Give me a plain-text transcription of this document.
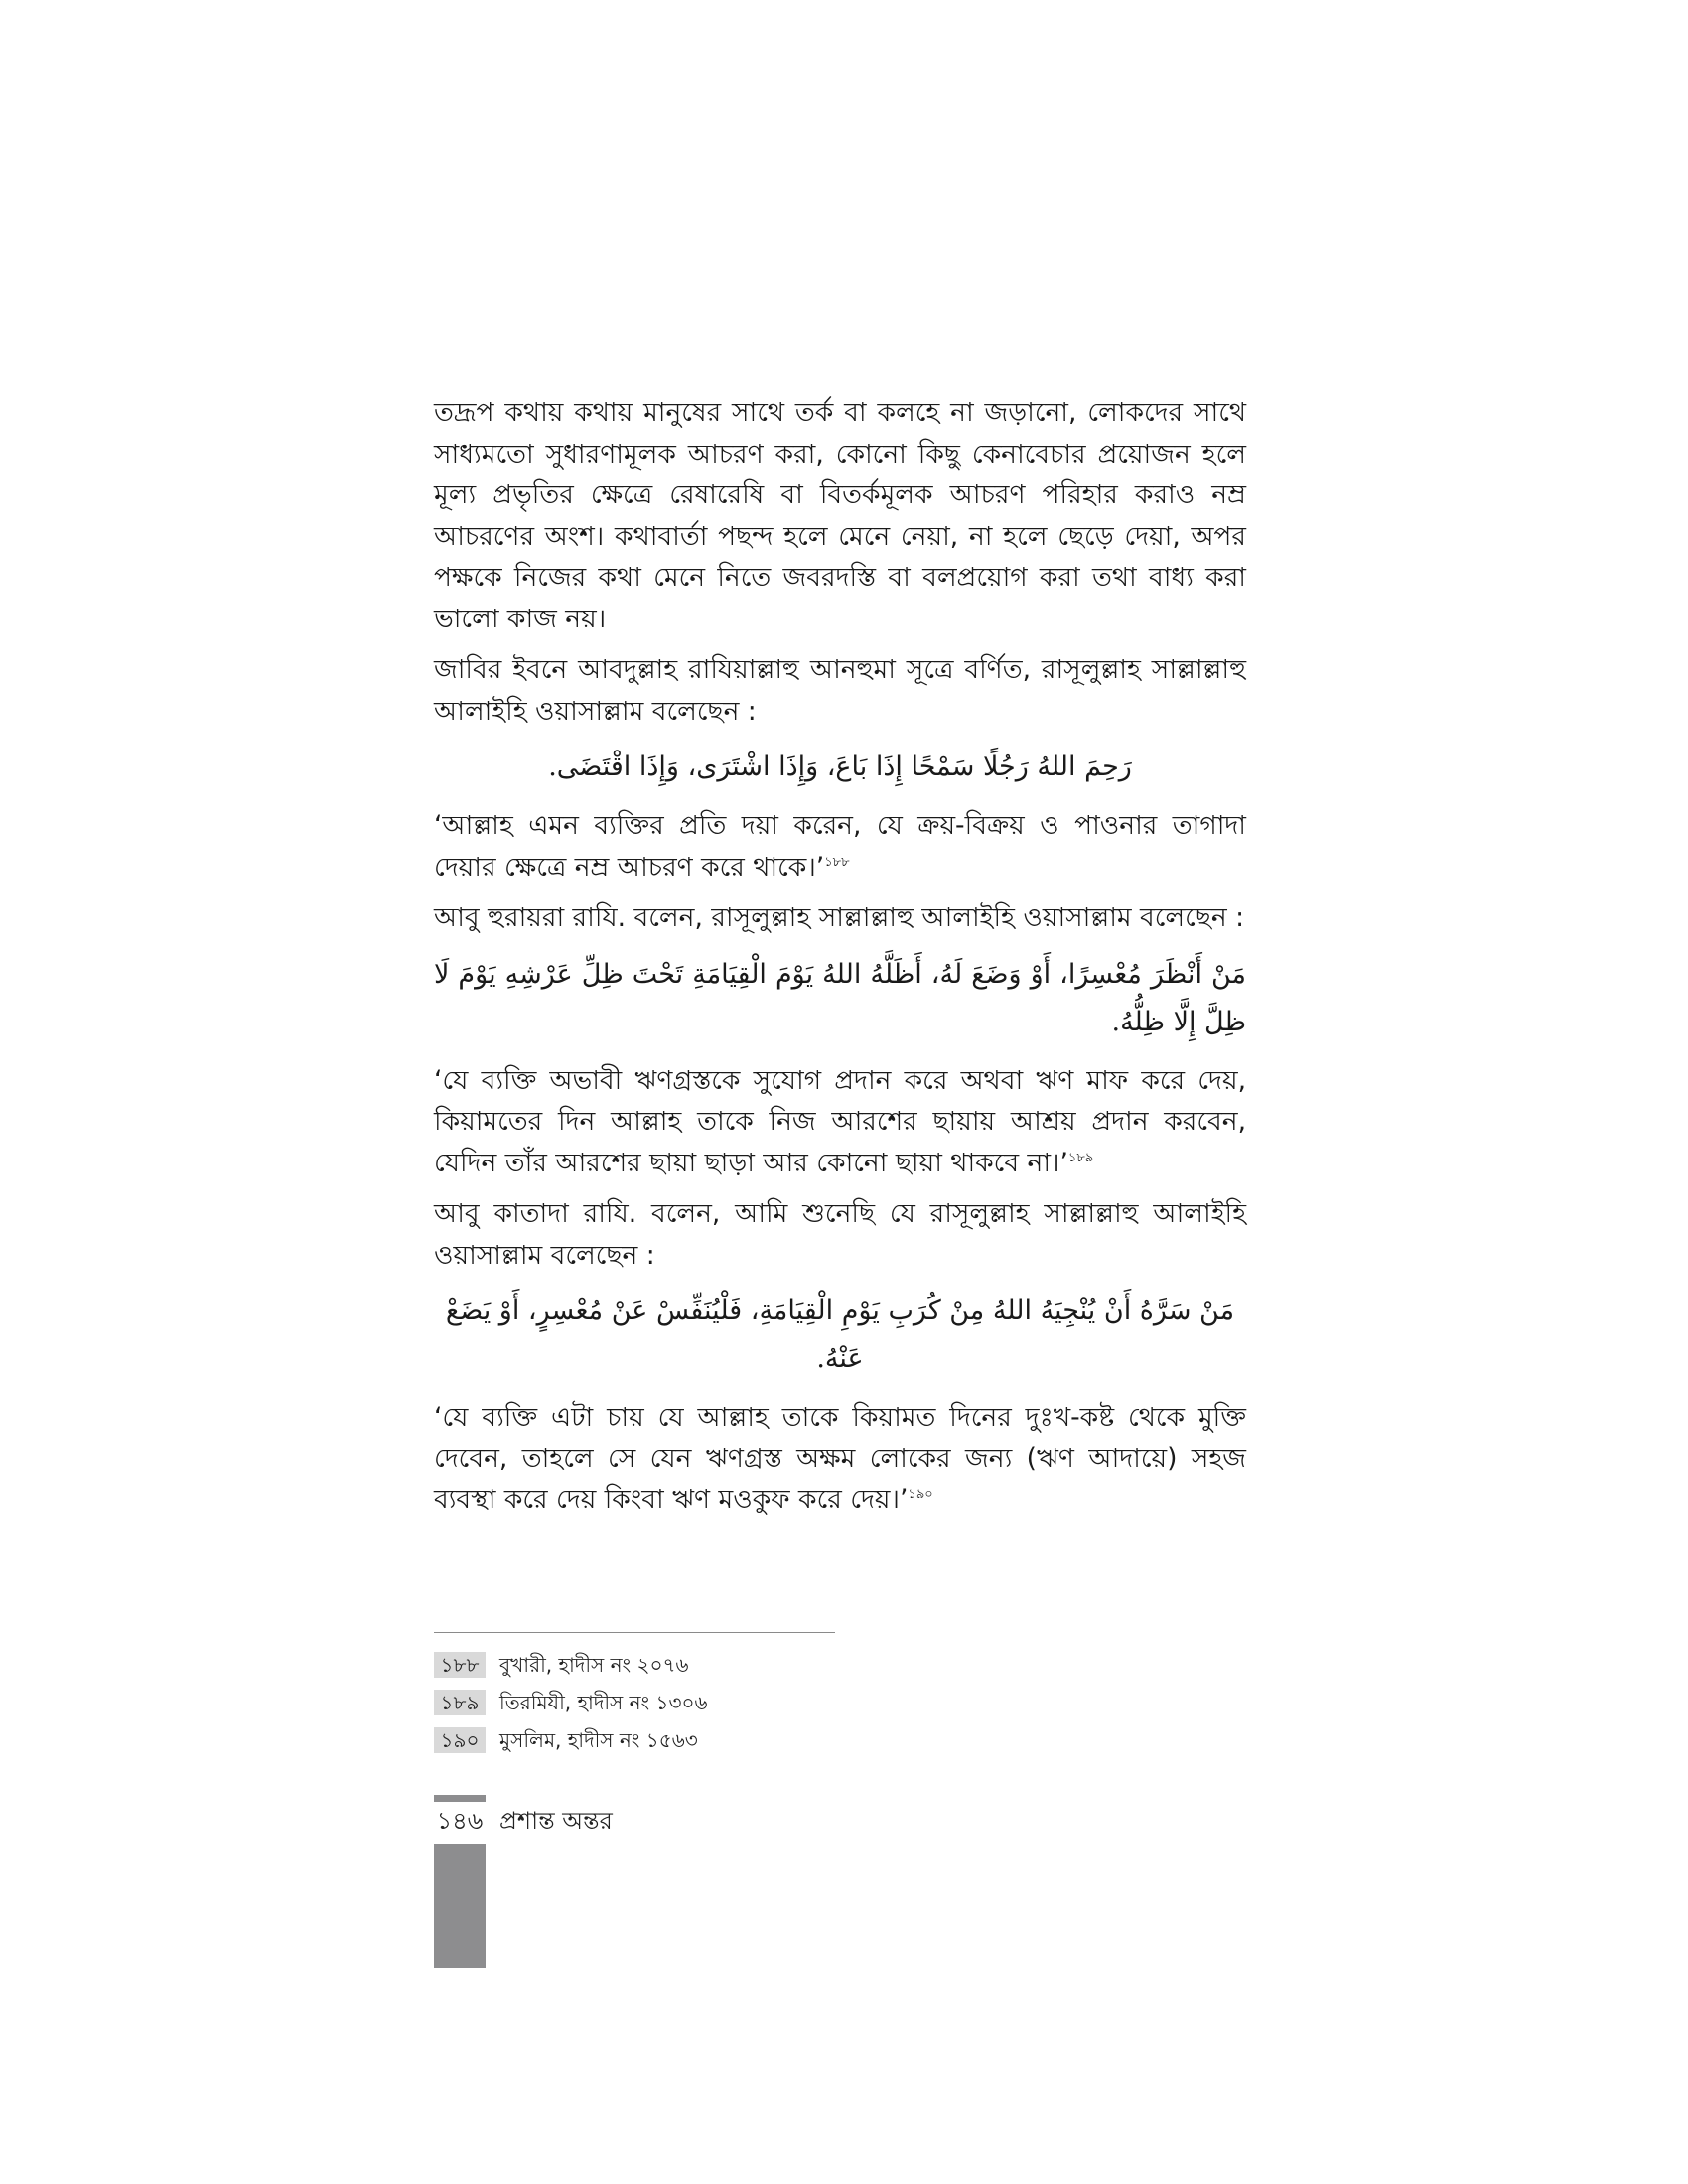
তদ্রূপ কথায় কথায় মানুষের সাথে তর্ক বা কলহে না জড়ানো, লোকদের সাথে সাধ্যমতো সুধারণামূলক আচরণ করা, কোনো কিছু কেনাবেচার প্রয়োজন হলে মূল্য প্রভৃতির ক্ষেত্রে রেষারেষি বা বিতর্কমূলক আচরণ পরিহার করাও নম্র আচরণের অংশ। কথাবার্তা পছন্দ হলে মেনে নেয়া, না হলে ছেড়ে দেয়া, অপর পক্ষকে নিজের কথা মেনে নিতে জবরদস্তি বা বলপ্রয়োগ করা তথা বাধ্য করা ভালো কাজ নয়।

জাবির ইবনে আবদুল্লাহ রাযিয়াল্লাহু আনহুমা সূত্রে বর্ণিত, রাসূলুল্লাহ সাল্লাল্লাহু আলাইহি ওয়াসাল্লাম বলেছেন :

رَحِمَ اللهُ رَجُلًا سَمْحًا إِذَا بَاعَ، وَإِذَا اشْتَرَى، وَإِذَا اقْتَضَى.

‘আল্লাহ এমন ব্যক্তির প্রতি দয়া করেন, যে ক্রয়-বিক্রয় ও পাওনার তাগাদা দেয়ার ক্ষেত্রে নম্র আচরণ করে থাকে।’$^{১৮৮}$

আবু হুরায়রা রাযি. বলেন, রাসূলুল্লাহ সাল্লাল্লাহু আলাইহি ওয়াসাল্লাম বলেছেন :

مَنْ أَنْظَرَ مُعْسِرًا، أَوْ وَضَعَ لَهُ، أَظَلَّهُ اللهُ يَوْمَ الْقِيَامَةِ تَحْتَ ظِلِّ عَرْشِهِ يَوْمَ لَا ظِلَّ إِلَّا ظِلُّهُ.

‘যে ব্যক্তি অভাবী ঋণগ্রস্তকে সুযোগ প্রদান করে অথবা ঋণ মাফ করে দেয়, কিয়ামতের দিন আল্লাহ তাকে নিজ আরশের ছায়ায় আশ্রয় প্রদান করবেন, যেদিন তাঁর আরশের ছায়া ছাড়া আর কোনো ছায়া থাকবে না।’$^{১৮৯}$

আবু কাতাদা রাযি. বলেন, আমি শুনেছি যে রাসূলুল্লাহ সাল্লাল্লাহু আলাইহি ওয়াসাল্লাম বলেছেন :

مَنْ سَرَّهُ أَنْ يُنْجِيَهُ اللهُ مِنْ كُرَبِ يَوْمِ الْقِيَامَةِ، فَلْيُنَفِّسْ عَنْ مُعْسِرٍ، أَوْ يَضَعْ عَنْهُ.

‘যে ব্যক্তি এটা চায় যে আল্লাহ তাকে কিয়ামত দিনের দুঃখ-কষ্ট থেকে মুক্তি দেবেন, তাহলে সে যেন ঋণগ্রস্ত অক্ষম লোকের জন্য (ঋণ আদায়ে) সহজ ব্যবস্থা করে দেয় কিংবা ঋণ মওকুফ করে দেয়।’$^{১৯০}$

১৮৮	বুখারী, হাদীস নং ২০৭৬
১৮৯	তিরমিযী, হাদীস নং ১৩০৬
১৯০	মুসলিম, হাদীস নং ১৫৬৩
১৪৬ প্রশান্ত অন্তর
